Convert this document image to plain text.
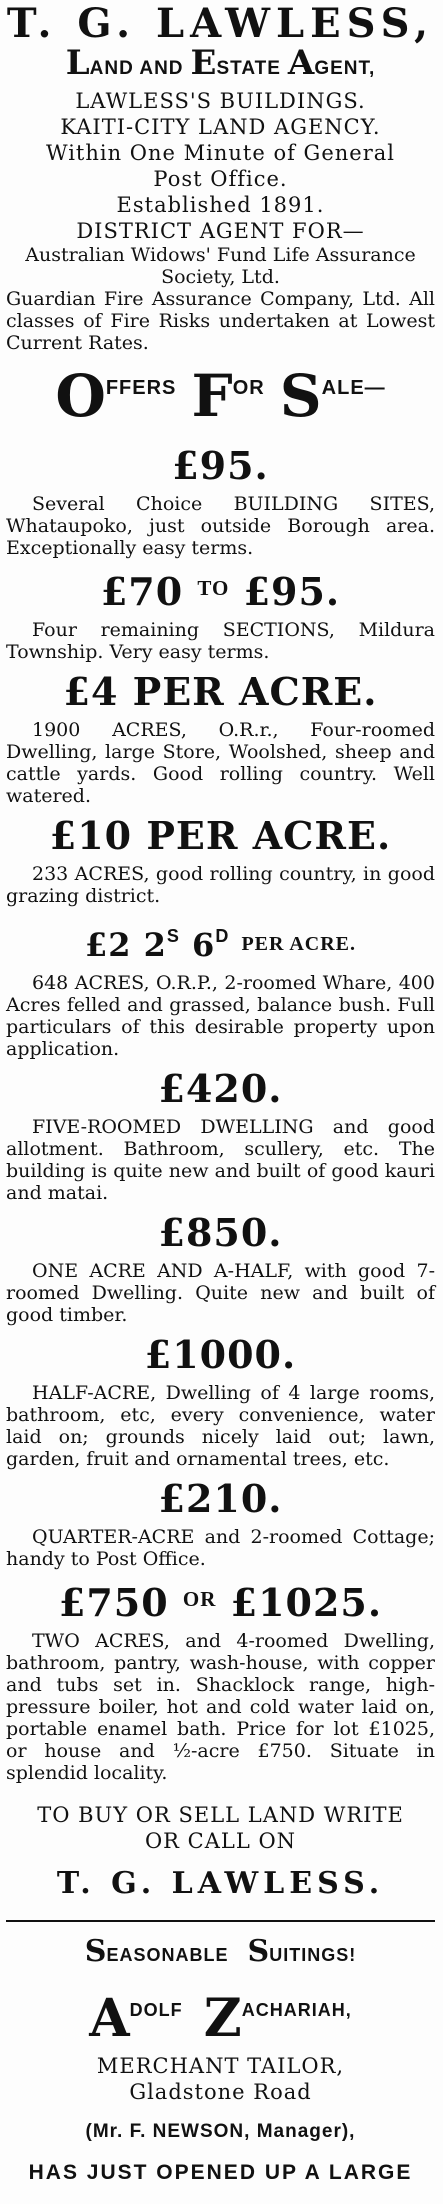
T. G. LAWLESS,

LAND AND ESTATE AGENT,

LAWLESS'S BUILDINGS.

KAITI-CITY LAND AGENCY.

Within One Minute of General Post Office.

Established 1891.

DISTRICT AGENT FOR—

Australian Widows' Fund Life Assurance Society, Ltd.

Guardian Fire Assurance Company, Ltd. All classes of Fire Risks undertaken at Lowest Current Rates.

OFFERS FOR SALE—

£95.

Several Choice BUILDING SITES, Whataupoko, just outside Borough area. Exceptionally easy terms.

£70 $^{TO}$ £95.

Four remaining SECTIONS, Mildura Township. Very easy terms.

£4 PER ACRE.

1900 ACRES, O.R.r., Four-roomed Dwelling, large Store, Woolshed, sheep and cattle yards. Good rolling country. Well watered.

£10 PER ACRE.

233 ACRES, good rolling country, in good grazing district.

£2 $2^S$ $6^D$ PER ACRE.

648 ACRES, O.R.P., 2-roomed Whare, 400 Acres felled and grassed, balance bush. Full particulars of this desirable property upon application.

£420.

FIVE-ROOMED DWELLING and good allotment. Bathroom, scullery, etc. The building is quite new and built of good kauri and matai.

£850.

ONE ACRE AND A-HALF, with good 7-roomed Dwelling. Quite new and built of good timber.

£1000.

HALF-ACRE, Dwelling of 4 large rooms, bathroom, etc, every convenience, water laid on; grounds nicely laid out; lawn, garden, fruit and ornamental trees, etc.

£210.

QUARTER-ACRE and 2-roomed Cottage; handy to Post Office.

£750 $^{OR}$ £1025.

TWO ACRES, and 4-roomed Dwelling, bathroom, pantry, wash-house, with copper and tubs set in. Shacklock range, high-pressure boiler, hot and cold water laid on, portable enamel bath. Price for lot £1025, or house and ½-acre £750. Situate in splendid locality.

TO BUY OR SELL LAND WRITE

OR CALL ON

T. G. LAWLESS.

SEASONABLE SUITINGS!

ADOLF ZACHARIAH,

MERCHANT TAILOR,

Gladstone Road

(Mr. F. NEWSON, Manager),

HAS JUST OPENED UP A LARGE
